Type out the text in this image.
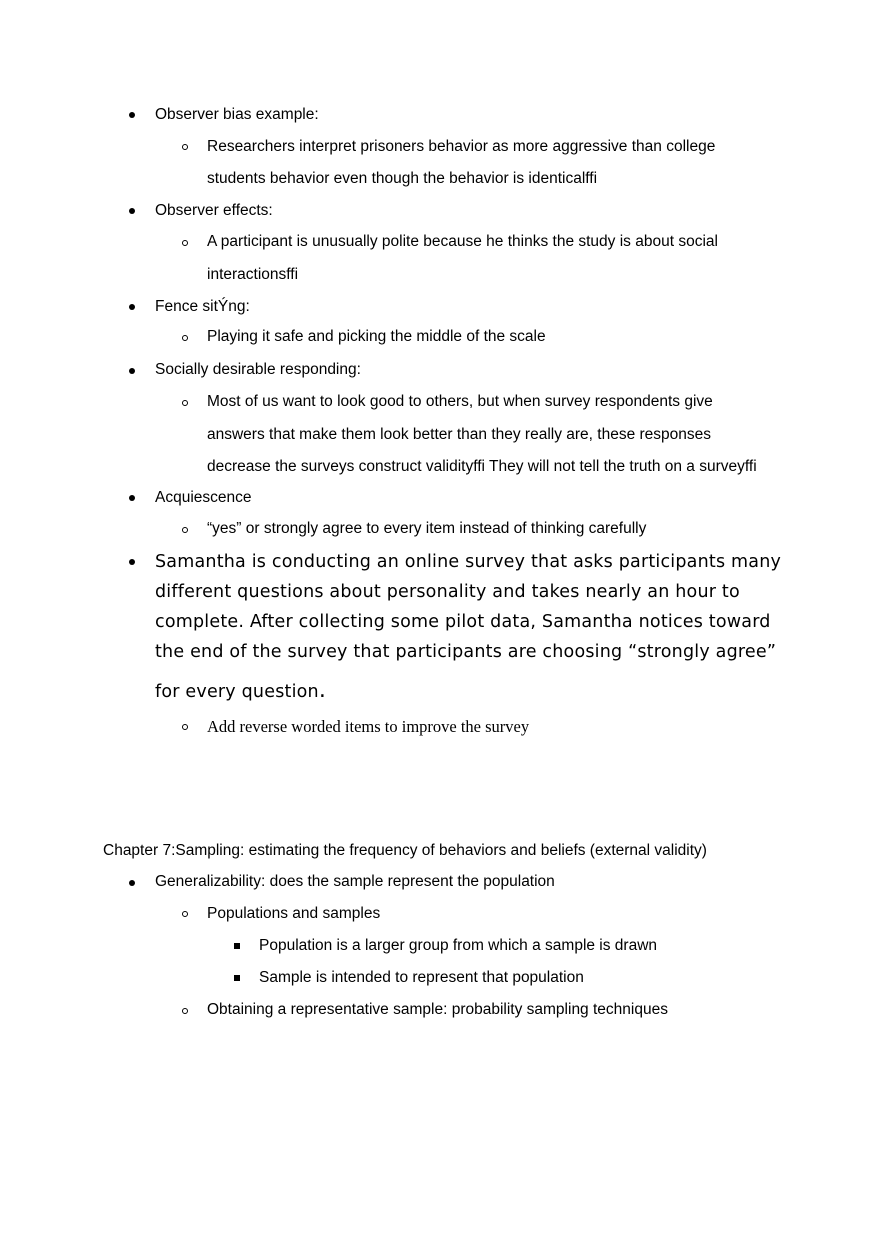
Observer bias example:
Researchers interpret prisoners behavior as more aggressive than college
students behavior even though the behavior is identicalffi
Observer effects:
A participant is unusually polite because he thinks the study is about social
interactionsffi
Fence sitÝng:
Playing it safe and picking the middle of the scale
Socially desirable responding:
Most of us want to look good to others, but when survey respondents give
answers that make them look better than they really are, these responses
decrease the surveys construct validityffi They will not tell the truth on a surveyffi
Acquiescence
“yes” or strongly agree to every item instead of thinking carefully
Samantha is conducting an online survey that asks participants many
different questions about personality and takes nearly an hour to
complete. After collecting some pilot data, Samantha notices toward
the end of the survey that participants are choosing “strongly agree”
for every question.
Add reverse worded items to improve the survey
Chapter 7:Sampling: estimating the frequency of behaviors and beliefs (external validity)
Generalizability: does the sample represent the population
Populations and samples
Population is a larger group from which a sample is drawn
Sample is intended to represent that population
Obtaining a representative sample: probability sampling techniques
